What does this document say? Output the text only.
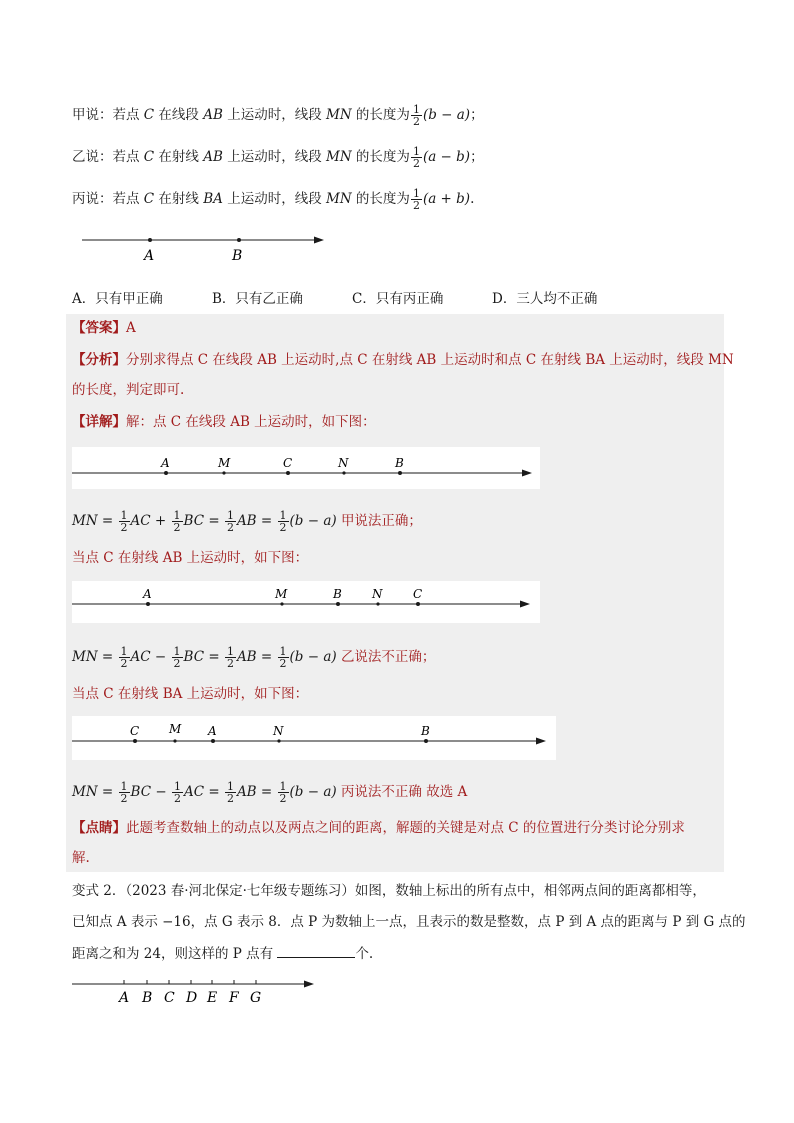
甲说：若点 C 在线段 AB 上运动时，线段 MN 的长度为 $\frac{1}{2} (b - a)$；
乙说：若点 C 在射线 AB 上运动时，线段 MN 的长度为 $\frac{1}{2} (a - b)$；
丙说：若点 C 在射线 BA 上运动时，线段 MN 的长度为 $\frac{1}{2} (a + b)$.
A	B
A．只有甲正确	B．只有乙正确	C．只有丙正确	D．三人均不正确
【答案】A
【分析】分别求得点 C 在线段 AB 上运动时,点 C 在射线 AB 上运动时和点 C 在射线 BA 上运动时，线段 MN
的长度，判定即可.
【详解】解：点 C 在线段 AB 上运动时，如下图：
A	M	C	N	B
MN = $\frac{1}{2}$ AC + $\frac{1}{2}$ BC = $\frac{1}{2}$ AB = $\frac{1}{2} (b - a)$ 甲说法正确；
当点 C 在射线 AB 上运动时，如下图：
A	M	B	N	C
MN = $\frac{1}{2}$ AC − $\frac{1}{2}$ BC = $\frac{1}{2}$ AB = $\frac{1}{2} (b - a)$ 乙说法不正确；
当点 C 在射线 BA 上运动时，如下图：
C M A	N	B
MN = $\frac{1}{2}$ BC − $\frac{1}{2}$ AC = $\frac{1}{2}$ AB = $\frac{1}{2} (b - a)$ 丙说法不正确 故选 A
【点睛】此题考查数轴上的动点以及两点之间的距离，解题的关键是对点 C 的位置进行分类讨论分别求
解.
变式 2．（2023 春·河北保定·七年级专题练习）如图，数轴上标出的所有点中，相邻两点间的距离都相等，
已知点 A 表示 −16，点 G 表示 8．点 P 为数轴上一点，且表示的数是整数，点 P 到 A 点的距离与 P 到 G 点的
距离之和为 24，则这样的 P 点有	个.
A B C D E F G
